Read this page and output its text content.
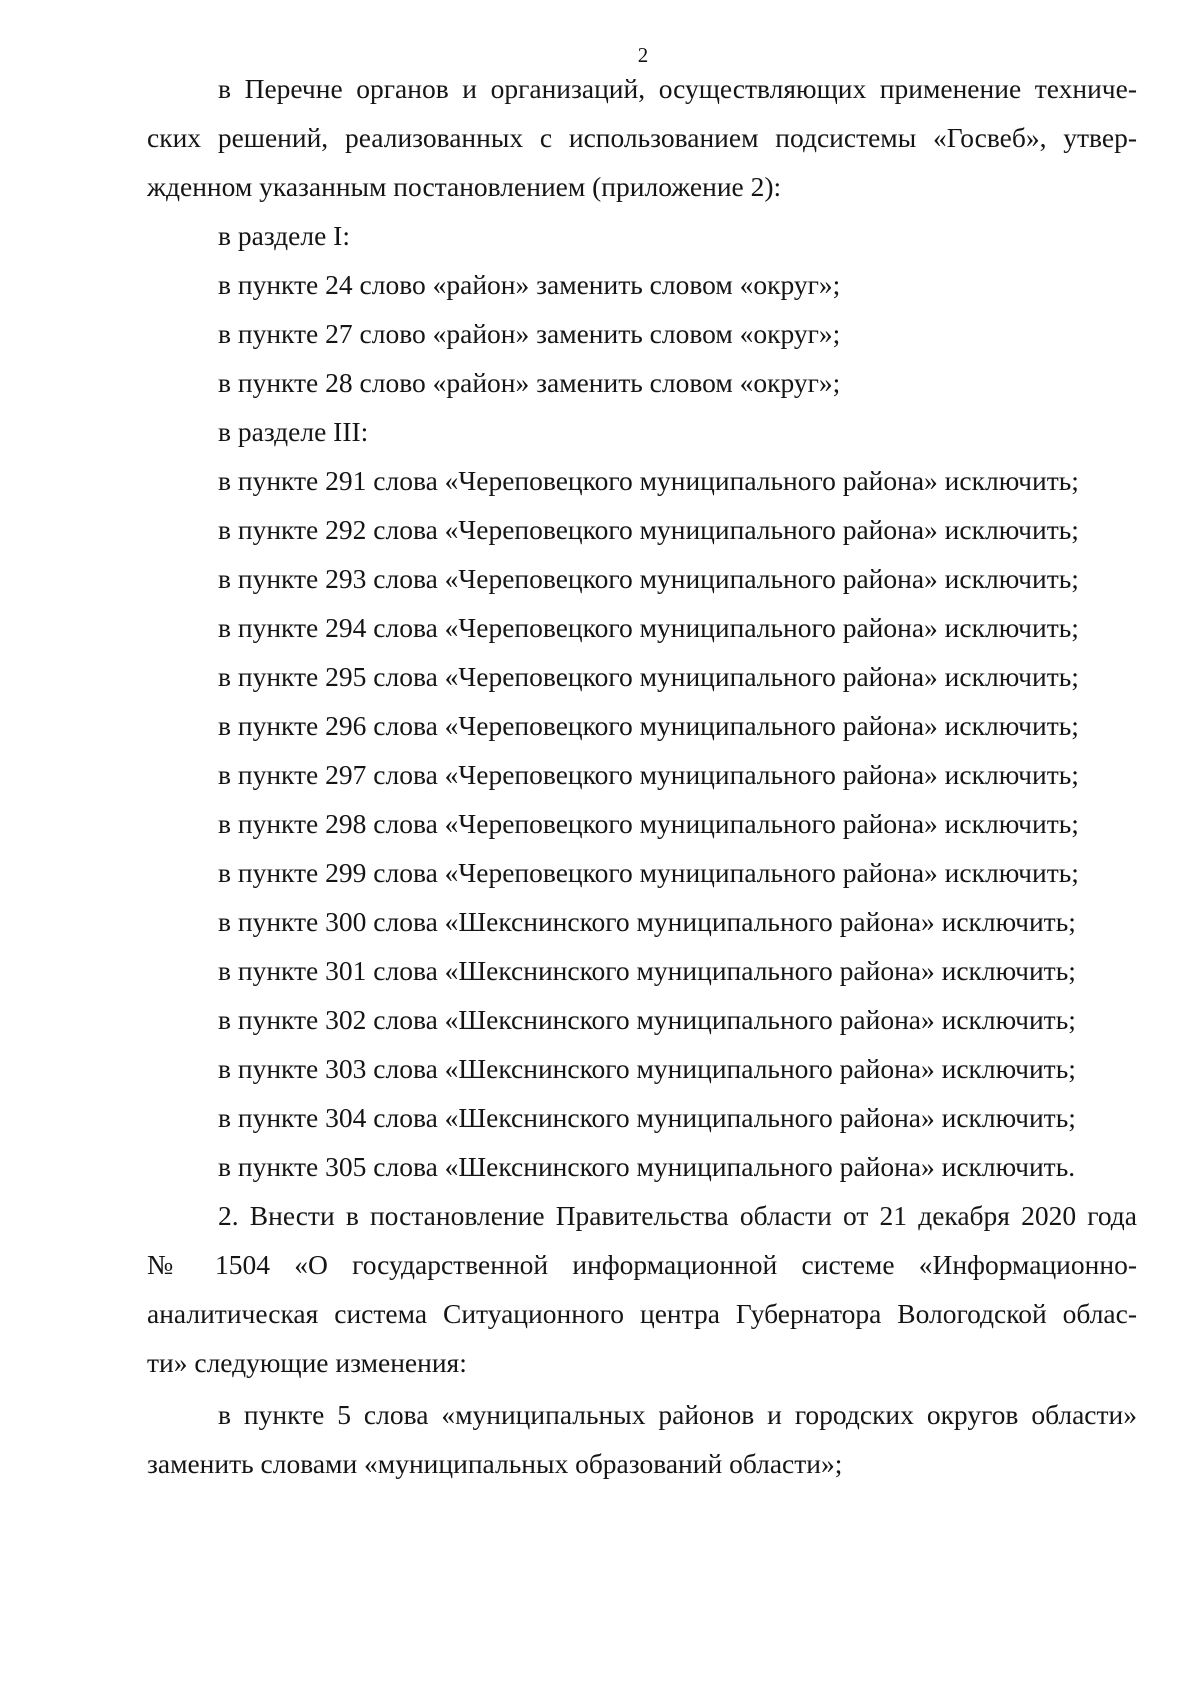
2

в Перечне органов и организаций, осуществляющих применение техниче-

ских решений, реализованных с использованием подсистемы «Госвеб», утвер-

жденном указанным постановлением (приложение 2):

в разделе I:

в пункте 24 слово «район» заменить словом «округ»;

в пункте 27 слово «район» заменить словом «округ»;

в пункте 28 слово «район» заменить словом «округ»;

в разделе III:

в пункте 291 слова «Череповецкого муниципального района» исключить;

в пункте 292 слова «Череповецкого муниципального района» исключить;

в пункте 293 слова «Череповецкого муниципального района» исключить;

в пункте 294 слова «Череповецкого муниципального района» исключить;

в пункте 295 слова «Череповецкого муниципального района» исключить;

в пункте 296 слова «Череповецкого муниципального района» исключить;

в пункте 297 слова «Череповецкого муниципального района» исключить;

в пункте 298 слова «Череповецкого муниципального района» исключить;

в пункте 299 слова «Череповецкого муниципального района» исключить;

в пункте 300 слова «Шекснинского муниципального района» исключить;

в пункте 301 слова «Шекснинского муниципального района» исключить;

в пункте 302 слова «Шекснинского муниципального района» исключить;

в пункте 303 слова «Шекснинского муниципального района» исключить;

в пункте 304 слова «Шекснинского муниципального района» исключить;

в пункте 305 слова «Шекснинского муниципального района» исключить.

2. Внести в постановление Правительства области от 21 декабря 2020 года

№ 1504 «О государственной информационной системе «Информационно-

аналитическая система Ситуационного центра Губернатора Вологодской облас-

ти» следующие изменения:

в пункте 5 слова «муниципальных районов и городских округов области»

заменить словами «муниципальных образований области»;
